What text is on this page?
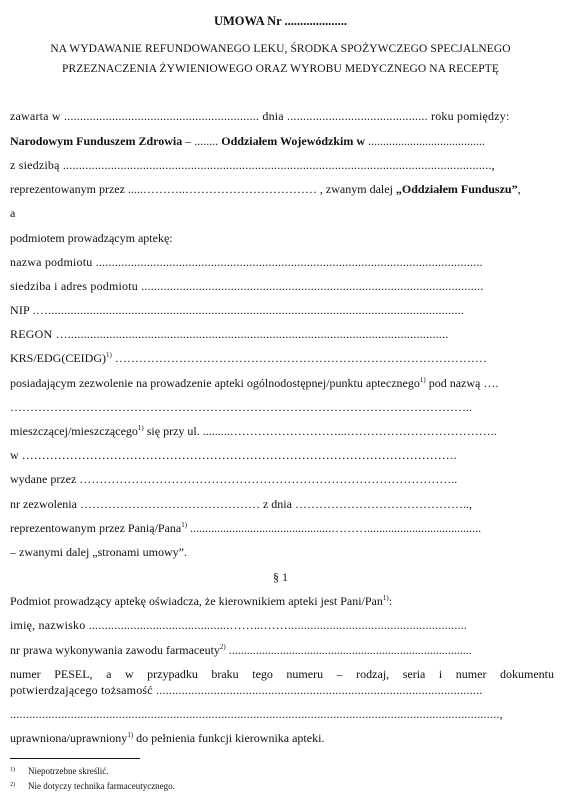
UMOWA Nr ....................
NA WYDAWANIE REFUNDOWANEGO LEKU, ŚRODKA SPOŻYWCZEGO SPECJALNEGO
PRZEZNACZENIA ŻYWIENIOWEGO ORAZ WYROBU MEDYCZNEGO NA RECEPTĘ
zawarta w ............................................................. dnia ............................................ roku pomiędzy:
Narodowym Funduszem Zdrowia – ........ Oddziałem Wojewódzkim w .......................................
z siedzibą ......................................................................................................................................,
reprezentowanym przez .....………..…………………………… , zwanym dalej „Oddziałem Funduszu”,
a
podmiotem prowadzącym aptekę:
nazwa podmiotu .........................................................................................................................
siedziba i adres podmiotu ...........................................................................................................
NIP .…..................................................................................................................................
REGON ….......................................................................................................................
KRS/EDG(CEIDG)$^{1)}$ …………………………………………………………………………………
posiadającym zezwolenie na prowadzenie apteki ogólnodostępnej/punktu aptecznego$^{1)}$ pod nazwą ….
……………………………………………………………………………………………………..
mieszczącej/mieszczącego$^{1)}$ się przy ul. .........………………………...………………………………..
w ……………………………………………………………………………………………….
wydane przez …………………………………………………………………………………..
nr zezwolenia ……………………………………… z dnia ……………………………………..,
reprezentowanym przez Panią/Pana$^{1)}$ ...............................................………......................................
– zwanymi dalej „stronami umowy”.
§ 1
Podmiot prowadzący aptekę oświadcza, że kierownikiem apteki jest Pani/Pan$^{1)}$:
imię, nazwisko ............................................……...……........................................................
nr prawa wykonywania zawodu farmaceuty$^{2)}$ .................................................................................
numer PESEL, a w przypadku braku tego numeru – rodzaj, seria i numer dokumentu
potwierdzającego tożsamość ......................................................................................................
.........................................................................................................................................................,
uprawniona/uprawniony$^{1)}$ do pełnienia funkcji kierownika apteki.
$^{1)}$ Niepotrzebne skreślić.
$^{2)}$ Nie dotyczy technika farmaceutycznego.
